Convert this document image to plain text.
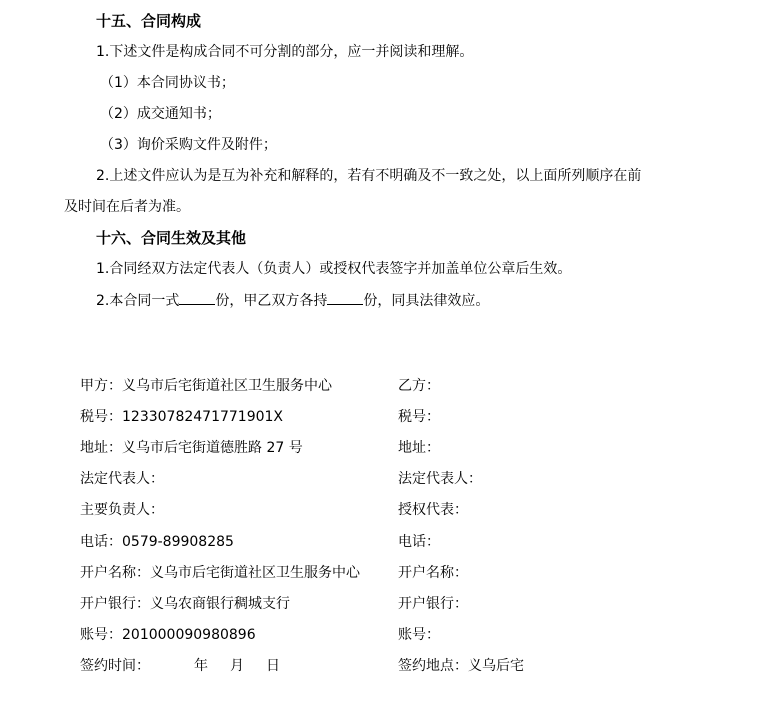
十五、合同构成
1.下述文件是构成合同不可分割的部分，应一并阅读和理解。
（1）本合同协议书；
（2）成交通知书；
（3）询价采购文件及附件；
2.上述文件应认为是互为补充和解释的，若有不明确及不一致之处，以上面所列顺序在前
及时间在后者为准。
十六、合同生效及其他
1.合同经双方法定代表人（负责人）或授权代表签字并加盖单位公章后生效。
2.本合同一式	份，甲乙双方各持	份，同具法律效应。
甲方：义乌市后宅街道社区卫生服务中心	乙方：
税号：12330782471771901X	税号：
地址：义乌市后宅街道德胜路 27 号	地址：
法定代表人：	法定代表人：
主要负责人：	授权代表：
电话：0579-89908285	电话：
开户名称：义乌市后宅街道社区卫生服务中心	开户名称：
开户银行：义乌农商银行稠城支行	开户银行：
账号：201000090980896	账号：
签约时间：	年 月 日	签约地点：义乌后宅
